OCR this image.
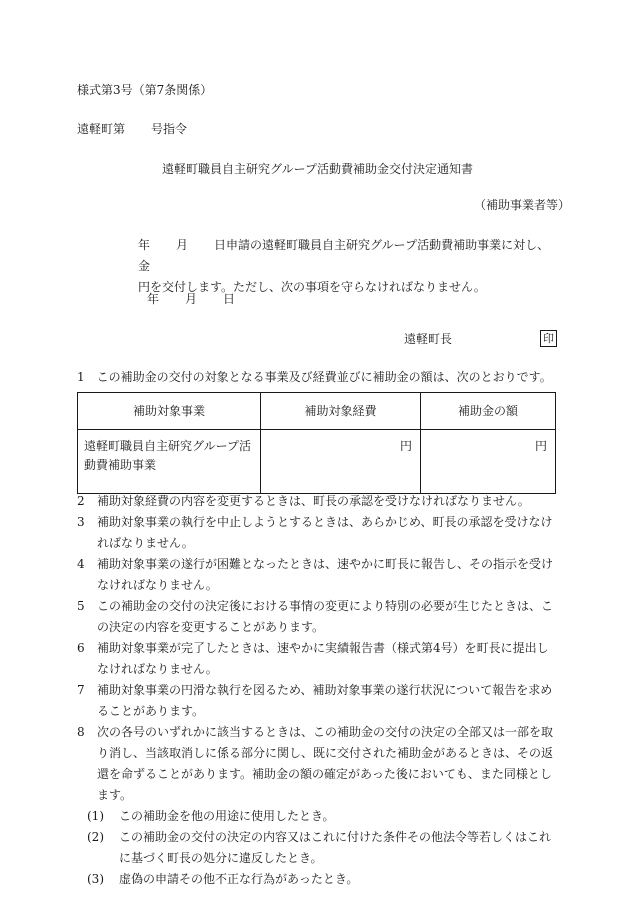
様式第3号（第7条関係）
遠軽町第 号指令
遠軽町職員自主研究グループ活動費補助金交付決定通知書
（補助事業者等）
年 月 日申請の遠軽町職員自主研究グループ活動費補助事業に対し、金
円を交付します。ただし、次の事項を守らなければなりません。
年 月 日
遠軽町長	印
1　 この補助金の交付の対象となる事業及び経費並びに補助金の額は、次のとおりです。
補助対象事業	補助対象経費	補助金の額
遠軽町職員自主研究グループ活動費補助事業	円	円
2	補助対象経費の内容を変更するときは、町長の承認を受けなければなりません。
3	補助対象事業の執行を中止しようとするときは、あらかじめ、町長の承認を受けなければなりません。
4	補助対象事業の遂行が困難となったときは、速やかに町長に報告し、その指示を受けなければなりません。
5	この補助金の交付の決定後における事情の変更により特別の必要が生じたときは、この決定の内容を変更することがあります。
6	補助対象事業が完了したときは、速やかに実績報告書（様式第4号）を町長に提出しなければなりません。
7	補助対象事業の円滑な執行を図るため、補助対象事業の遂行状況について報告を求めることがあります。
8	次の各号のいずれかに該当するときは、この補助金の交付の決定の全部又は一部を取り消し、当該取消しに係る部分に関し、既に交付された補助金があるときは、その返還を命ずることがあります。補助金の額の確定があった後においても、また同様とします。
(1)	この補助金を他の用途に使用したとき。
(2)	この補助金の交付の決定の内容又はこれに付けた条件その他法令等若しくはこれに基づく町長の処分に違反したとき。
(3)	虚偽の申請その他不正な行為があったとき。
